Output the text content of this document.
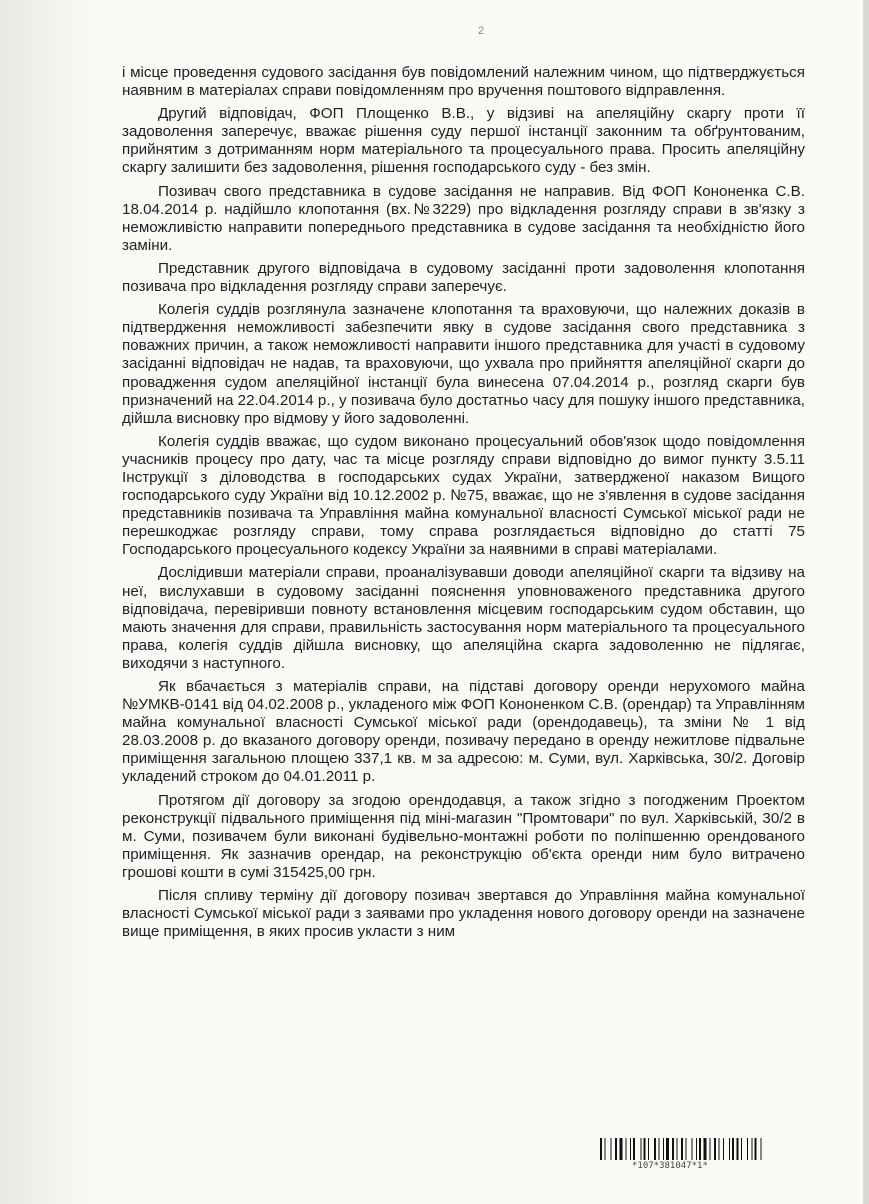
2

і місце проведення судового засідання був повідомлений належним чином, що підтверджується наявним в матеріалах справи повідомленням про вручення поштового відправлення.

Другий відповідач, ФОП Площенко В.В., у відзиві на апеляційну скаргу проти її задоволення заперечує, вважає рішення суду першої інстанції законним та обґрунтованим, прийнятим з дотриманням норм матеріального та процесуального права. Просить апеляційну скаргу залишити без задоволення, рішення господарського суду - без змін.

Позивач свого представника в судове засідання не направив. Від ФОП Кононенка С.В. 18.04.2014 р. надійшло клопотання (вх.№3229) про відкладення розгляду справи в зв'язку з неможливістю направити попереднього представника в судове засідання та необхідністю його заміни.

Представник другого відповідача в судовому засіданні проти задоволення клопотання позивача про відкладення розгляду справи заперечує.

Колегія суддів розглянула зазначене клопотання та враховуючи, що належних доказів в підтвердження неможливості забезпечити явку в судове засідання свого представника з поважних причин, а також неможливості направити іншого представника для участі в судовому засіданні відповідач не надав, та враховуючи, що ухвала про прийняття апеляційної скарги до провадження судом апеляційної інстанції була винесена 07.04.2014 р., розгляд скарги був призначений на 22.04.2014 р., у позивача було достатньо часу для пошуку іншого представника, дійшла висновку про відмову у його задоволенні.

Колегія суддів вважає, що судом виконано процесуальний обов'язок щодо повідомлення учасників процесу про дату, час та місце розгляду справи відповідно до вимог пункту 3.5.11 Інструкції з діловодства в господарських судах України, затвердженої наказом Вищого господарського суду України від 10.12.2002 р. №75, вважає, що не з'явлення в судове засідання представників позивача та Управління майна комунальної власності Сумської міської ради не перешкоджає розгляду справи, тому справа розглядається відповідно до статті 75 Господарського процесуального кодексу України за наявними в справі матеріалами.

Дослідивши матеріали справи, проаналізувавши доводи апеляційної скарги та відзиву на неї, вислухавши в судовому засіданні пояснення уповноваженого представника другого відповідача, перевіривши повноту встановлення місцевим господарським судом обставин, що мають значення для справи, правильність застосування норм матеріального та процесуального права, колегія суддів дійшла висновку, що апеляційна скарга задоволенню не підлягає, виходячи з наступного.

Як вбачається з матеріалів справи, на підставі договору оренди нерухомого майна №УМКВ-0141 від 04.02.2008 р., укладеного між ФОП Кононенком С.В. (орендар) та Управлінням майна комунальної власності Сумської міської ради (орендодавець), та зміни № 1 від 28.03.2008 р. до вказаного договору оренди, позивачу передано в оренду нежитлове підвальне приміщення загальною площею 337,1 кв. м за адресою: м. Суми, вул. Харківська, 30/2. Договір укладений строком до 04.01.2011 р.

Протягом дії договору за згодою орендодавця, а також згідно з погодженим Проектом реконструкції підвального приміщення під міні-магазин "Промтовари" по вул. Харківській, 30/2 в м. Суми, позивачем були виконані будівельно-монтажні роботи по поліпшенню орендованого приміщення. Як зазначив орендар, на реконструкцію об'єкта оренди ним було витрачено грошові кошти в сумі 315425,00 грн.

Після спливу терміну дії договору позивач звертався до Управління майна комунальної власності Сумської міської ради з заявами про укладення нового договору оренди на зазначене вище приміщення, в яких просив укласти з ним

*107*381047*1*
